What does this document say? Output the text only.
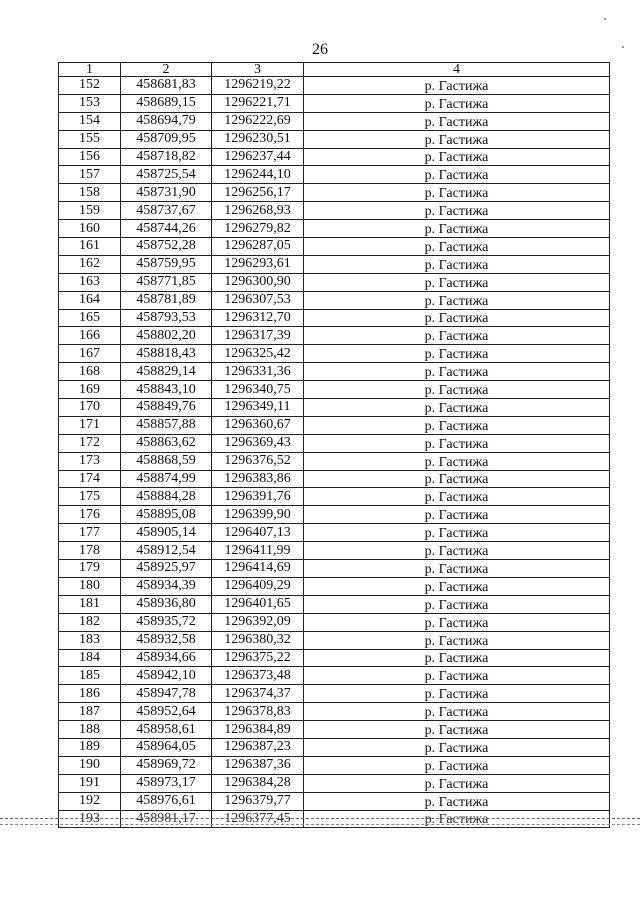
26
1	2	3	4
152	458681,83	1296219,22	р. Гастижа
153	458689,15	1296221,71	р. Гастижа
154	458694,79	1296222,69	р. Гастижа
155	458709,95	1296230,51	р. Гастижа
156	458718,82	1296237,44	р. Гастижа
157	458725,54	1296244,10	р. Гастижа
158	458731,90	1296256,17	р. Гастижа
159	458737,67	1296268,93	р. Гастижа
160	458744,26	1296279,82	р. Гастижа
161	458752,28	1296287,05	р. Гастижа
162	458759,95	1296293,61	р. Гастижа
163	458771,85	1296300,90	р. Гастижа
164	458781,89	1296307,53	р. Гастижа
165	458793,53	1296312,70	р. Гастижа
166	458802,20	1296317,39	р. Гастижа
167	458818,43	1296325,42	р. Гастижа
168	458829,14	1296331,36	р. Гастижа
169	458843,10	1296340,75	р. Гастижа
170	458849,76	1296349,11	р. Гастижа
171	458857,88	1296360,67	р. Гастижа
172	458863,62	1296369,43	р. Гастижа
173	458868,59	1296376,52	р. Гастижа
174	458874,99	1296383,86	р. Гастижа
175	458884,28	1296391,76	р. Гастижа
176	458895,08	1296399,90	р. Гастижа
177	458905,14	1296407,13	р. Гастижа
178	458912,54	1296411,99	р. Гастижа
179	458925,97	1296414,69	р. Гастижа
180	458934,39	1296409,29	р. Гастижа
181	458936,80	1296401,65	р. Гастижа
182	458935,72	1296392,09	р. Гастижа
183	458932,58	1296380,32	р. Гастижа
184	458934,66	1296375,22	р. Гастижа
185	458942,10	1296373,48	р. Гастижа
186	458947,78	1296374,37	р. Гастижа
187	458952,64	1296378,83	р. Гастижа
188	458958,61	1296384,89	р. Гастижа
189	458964,05	1296387,23	р. Гастижа
190	458969,72	1296387,36	р. Гастижа
191	458973,17	1296384,28	р. Гастижа
192	458976,61	1296379,77	р. Гастижа
193	458981,17	1296377,45	р. Гастижа
